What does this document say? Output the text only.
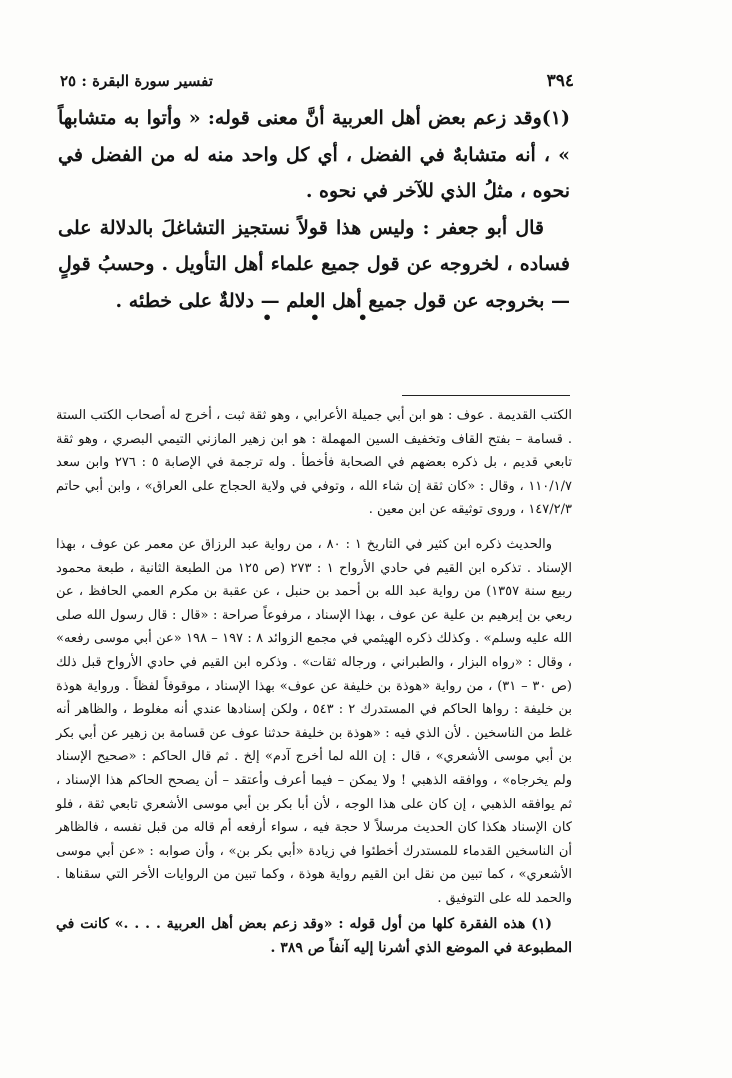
٣٩٤
تفسير سورة البقرة : ٢٥

(١)وقد زعم بعض أهل العربية أنَّ معنى قوله: « وأتوا به متشابهاً » ، أنه متشابهٌ في الفضل ، أي كل واحد منه له من الفضل في نحوه ، مثلُ الذي للآخر في نحوه .

قال أبو جعفر : وليس هذا قولاً نستجيز التشاغلَ بالدلالة على فساده ، لخروجه عن قول جميع علماء أهل التأويل . وحسبُ قولٍ — بخروجه عن قول جميع أهل العلم — دلالةٌ على خطئه .

• • •

الكتب القديمة . عوف : هو ابن أبي جميلة الأعرابي ، وهو ثقة ثبت ، أخرج له أصحاب الكتب الستة . قسامة – بفتح القاف وتخفيف السين المهملة : هو ابن زهير المازني التيمي البصري ، وهو ثقة تابعي قديم ، بل ذكره بعضهم في الصحابة فأخطأ . وله ترجمة في الإصابة ٥ : ٢٧٦ وابن سعد ١١٠/١/٧ ، وقال : «كان ثقة إن شاء الله ، وتوفي في ولاية الحجاج على العراق» ، وابن أبي حاتم ١٤٧/٢/٣ ، وروى توثيقه عن ابن معين .

والحديث ذكره ابن كثير في التاريخ ١ : ٨٠ ، من رواية عبد الرزاق عن معمر عن عوف ، بهذا الإسناد . تذكره ابن القيم في حادي الأرواح ١ : ٢٧٣ (ص ١٢٥ من الطبعة الثانية ، طبعة محمود ربيع سنة ١٣٥٧) من رواية عبد الله بن أحمد بن حنبل ، عن عقبة بن مكرم العمي الحافظ ، عن ربعي بن إبرهيم بن علية عن عوف ، بهذا الإسناد ، مرفوعاً صراحة : «قال : قال رسول الله صلى الله عليه وسلم» . وكذلك ذكره الهيثمي في مجمع الزوائد ٨ : ١٩٧ – ١٩٨ «عن أبي موسى رفعه» ، وقال : «رواه البزار ، والطبراني ، ورجاله ثقات» . وذكره ابن القيم في حادي الأرواح قبل ذلك (ص ٣٠ – ٣١) ، من رواية «هوذة بن خليفة عن عوف» بهذا الإسناد ، موقوفاً لفظاً . ورواية هوذة بن خليفة : رواها الحاكم في المستدرك ٢ : ٥٤٣ ، ولكن إسنادها عندي أنه مغلوط ، والظاهر أنه غلط من الناسخين . لأن الذي فيه : «هوذة بن خليفة حدثنا عوف عن قسامة بن زهير عن أبي بكر بن أبي موسى الأشعري» ، قال : إن الله لما أخرج آدم» إلخ . ثم قال الحاكم : «صحيح الإسناد ولم يخرجاه» ، ووافقه الذهبي ! ولا يمكن – فيما أعرف وأعتقد – أن يصحح الحاكم هذا الإسناد ، ثم يوافقه الذهبي ، إن كان على هذا الوجه ، لأن أبا بكر بن أبي موسى الأشعري تابعي ثقة ، فلو كان الإسناد هكذا كان الحديث مرسلاً لا حجة فيه ، سواء أرفعه أم قاله من قبل نفسه ، فالظاهر أن الناسخين القدماء للمستدرك أخطئوا في زيادة «أبي بكر بن» ، وأن صوابه : «عن أبي موسى الأشعري» ، كما تبين من نقل ابن القيم رواية هوذة ، وكما تبين من الروايات الأخر التي سقناها . والحمد لله على التوفيق .

(١) هذه الفقرة كلها من أول قوله : «وقد زعم بعض أهل العربية . . . .» كانت في المطبوعة في الموضع الذي أشرنا إليه آنفاً ص ٣٨٩ .
